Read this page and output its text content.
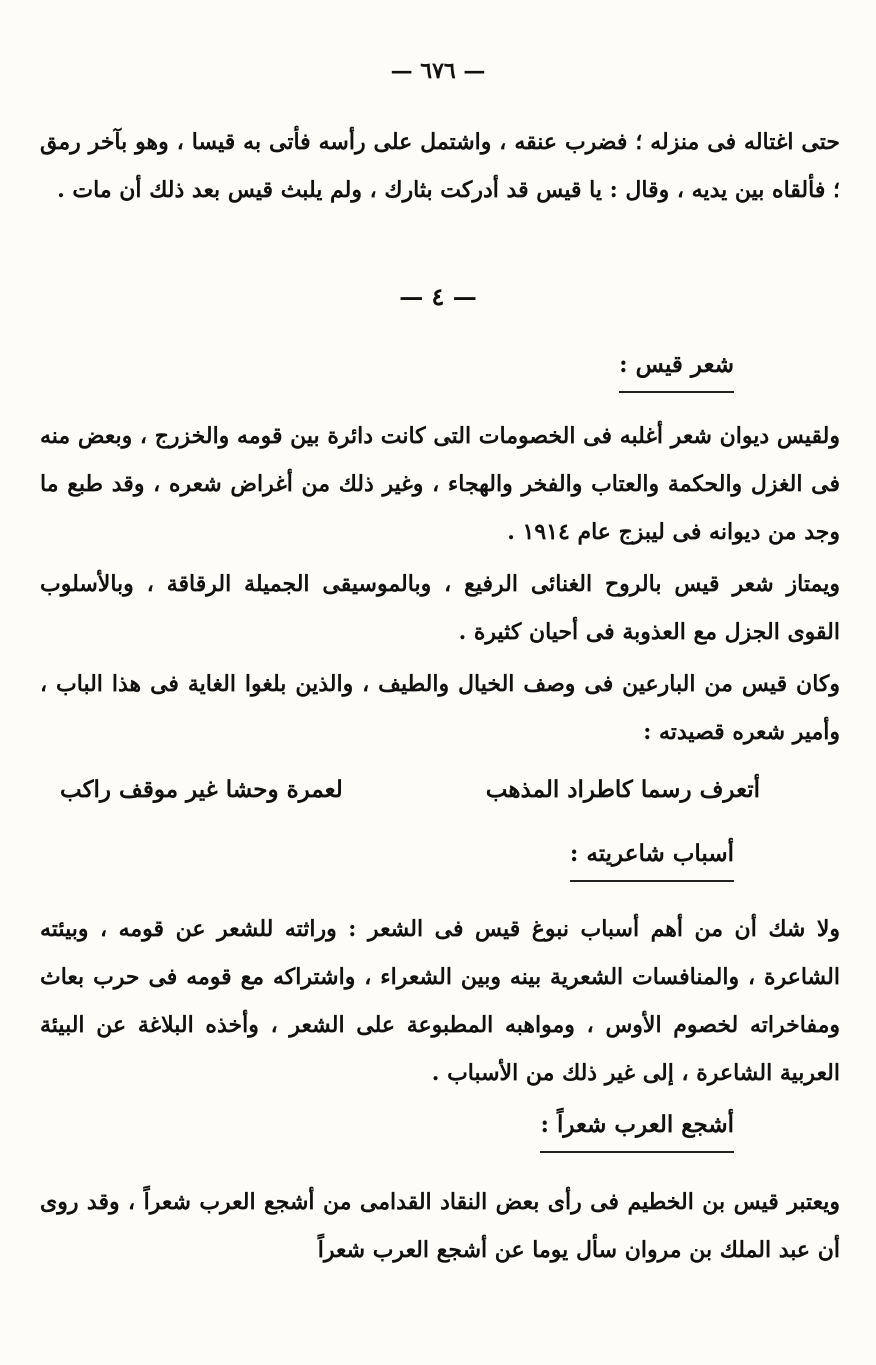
— ٦٧٦ —
حتى اغتاله فى منزله ؛ فضرب عنقه ، واشتمل على رأسه فأتى به قيسا ، وهو بآخر رمق ؛ فألقاه بين يديه ، وقال : يا قيس قد أدركت بثارك ، ولم يلبث قيس بعد ذلك أن مات .
— ٤ —
شعر قيس :
ولقيس ديوان شعر أغلبه فى الخصومات التى كانت دائرة بين قومه والخزرج ، وبعض منه فى الغزل والحكمة والعتاب والفخر والهجاء ، وغير ذلك من أغراض شعره ، وقد طبع ما وجد من ديوانه فى ليبزج عام ١٩١٤ .
ويمتاز شعر قيس بالروح الغنائى الرفيع ، وبالموسيقى الجميلة الرقاقة ، وبالأسلوب القوى الجزل مع العذوبة فى أحيان كثيرة .
وكان قيس من البارعين فى وصف الخيال والطيف ، والذين بلغوا الغاية فى هذا الباب ، وأمير شعره قصيدته :
أتعرف رسما كاطراد المذهب
لعمرة وحشا غير موقف راكب
أسباب شاعريته :
ولا شك أن من أهم أسباب نبوغ قيس فى الشعر : وراثته للشعر عن قومه ، وبيئته الشاعرة ، والمنافسات الشعرية بينه وبين الشعراء ، واشتراكه مع قومه فى حرب بعاث ومفاخراته لخصوم الأوس ، ومواهبه المطبوعة على الشعر ، وأخذه البلاغة عن البيئة العربية الشاعرة ، إلى غير ذلك من الأسباب .
أشجع العرب شعراً :
ويعتبر قيس بن الخطيم فى رأى بعض النقاد القدامى من أشجع العرب شعراً ، وقد روى أن عبد الملك بن مروان سأل يوما عن أشجع العرب شعراً
